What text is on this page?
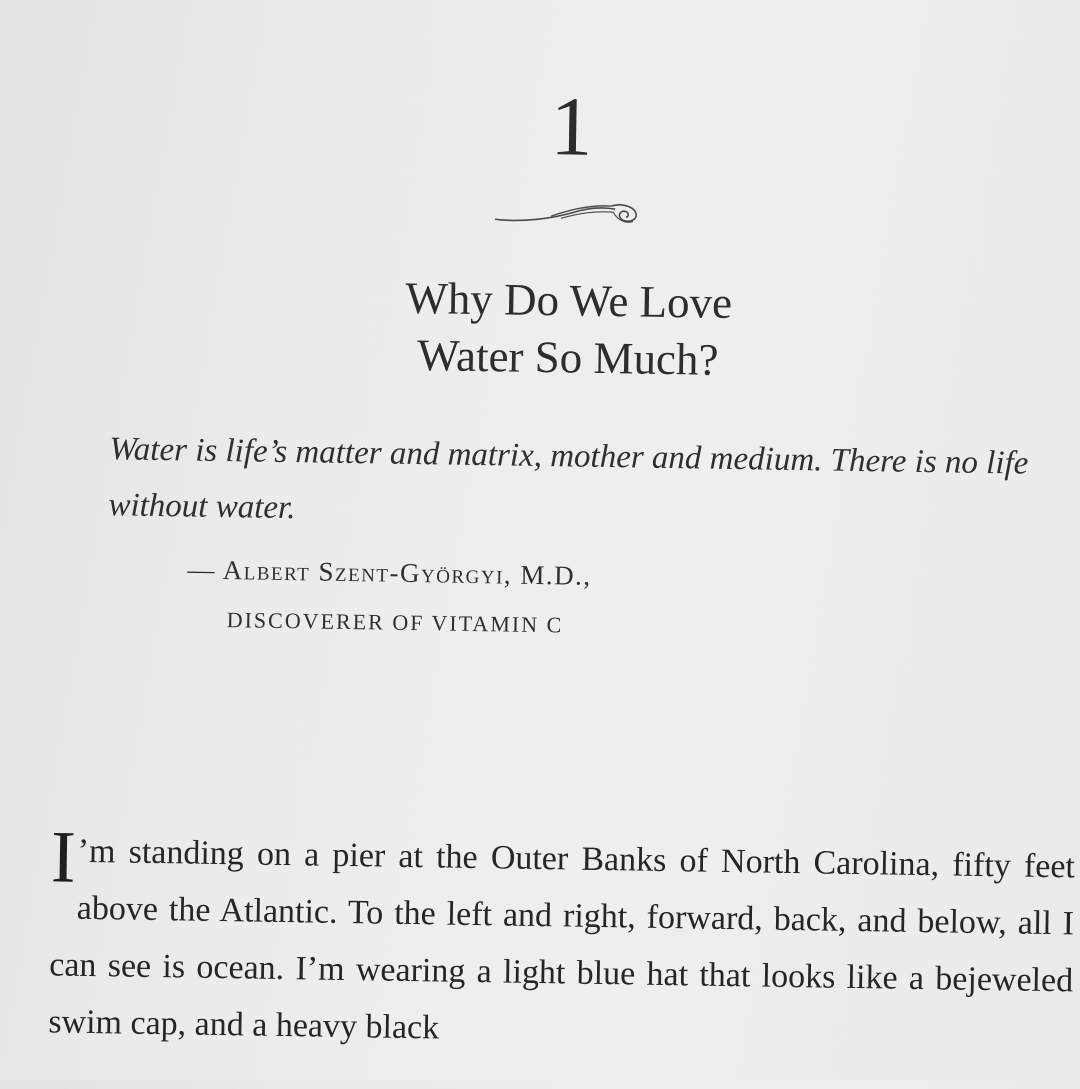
1
Why Do We Love
Water So Much?
Water is life’s matter and matrix, mother and medium. There is no life without water.
— Albert Szent-Györgyi, M.D.,
DISCOVERER OF VITAMIN C

I ’m standing on a pier at the Outer Banks of North Carolina, fifty feet above the Atlantic. To the left and right, forward, back, and below, all I can see is ocean. I’m wearing a light blue hat that looks like a bejeweled swim cap, and a heavy black
